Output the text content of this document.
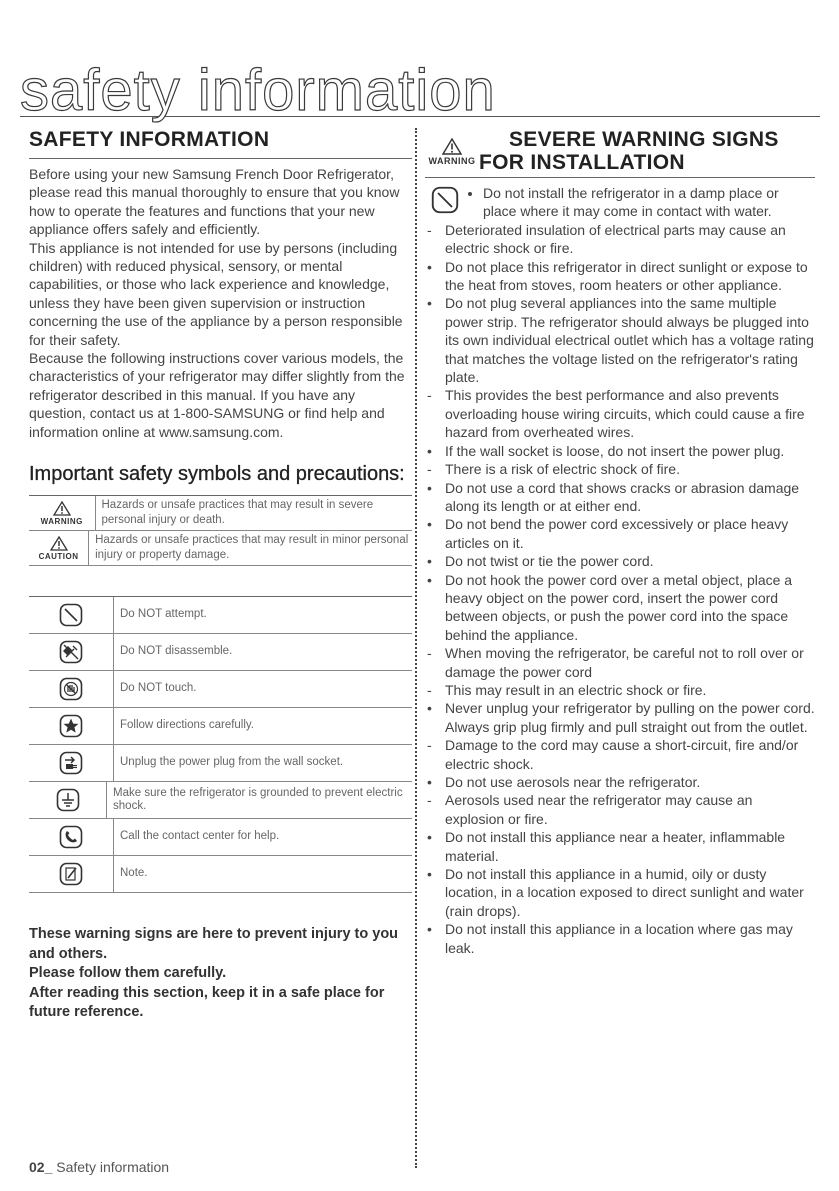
safety information
SAFETY INFORMATION

Before using your new Samsung French Door Refrigerator, please read this manual thoroughly to ensure that you know how to operate the features and functions that your new appliance offers safely and efficiently.

This appliance is not intended for use by persons (including children) with reduced physical, sensory, or mental capabilities, or those who lack experience and knowledge, unless they have been given supervision or instruction concerning the use of the appliance by a person responsible for their safety.

Because the following instructions cover various models, the characteristics of your refrigerator may differ slightly from the refrigerator described in this manual. If you have any question, contact us at 1-800-SAMSUNG or find help and information online at www.samsung.com.

Important safety symbols and precautions:
WARNING
Hazards or unsafe practices that may result in severe personal injury or death.
CAUTION
Hazards or unsafe practices that may result in minor personal injury or property damage.
Do NOT attempt.
Do NOT disassemble.
Do NOT touch.
Follow directions carefully.
Unplug the power plug from the wall socket.
Make sure the refrigerator is grounded to prevent electric shock.
Call the contact center for help.
Note.

These warning signs are here to prevent injury to you and others.

Please follow them carefully.

After reading this section, keep it in a safe place for future reference.

WARNING
SEVERE WARNING SIGNS
FOR INSTALLATION
• Do not install the refrigerator in a damp place or place where it may come in contact with water.
- Deteriorated insulation of electrical parts may cause an electric shock or fire.
• Do not place this refrigerator in direct sunlight or expose to the heat from stoves, room heaters or other appliance.
• Do not plug several appliances into the same multiple power strip. The refrigerator should always be plugged into its own individual electrical outlet which has a voltage rating that matches the voltage listed on the refrigerator's rating plate.
- This provides the best performance and also prevents overloading house wiring circuits, which could cause a fire hazard from overheated wires.
• If the wall socket is loose, do not insert the power plug.
- There is a risk of electric shock of fire.
• Do not use a cord that shows cracks or abrasion damage along its length or at either end.
• Do not bend the power cord excessively or place heavy articles on it.
• Do not twist or tie the power cord.
• Do not hook the power cord over a metal object, place a heavy object on the power cord, insert the power cord between objects, or push the power cord into the space behind the appliance.
- When moving the refrigerator, be careful not to roll over or damage the power cord
- This may result in an electric shock or fire.
• Never unplug your refrigerator by pulling on the power cord. Always grip plug firmly and pull straight out from the outlet.
- Damage to the cord may cause a short-circuit, fire and/or electric shock.
• Do not use aerosols near the refrigerator.
- Aerosols used near the refrigerator may cause an explosion or fire.
• Do not install this appliance near a heater, inflammable material.
• Do not install this appliance in a humid, oily or dusty location, in a location exposed to direct sunlight and water (rain drops).
• Do not install this appliance in a location where gas may leak.
02_ Safety information
